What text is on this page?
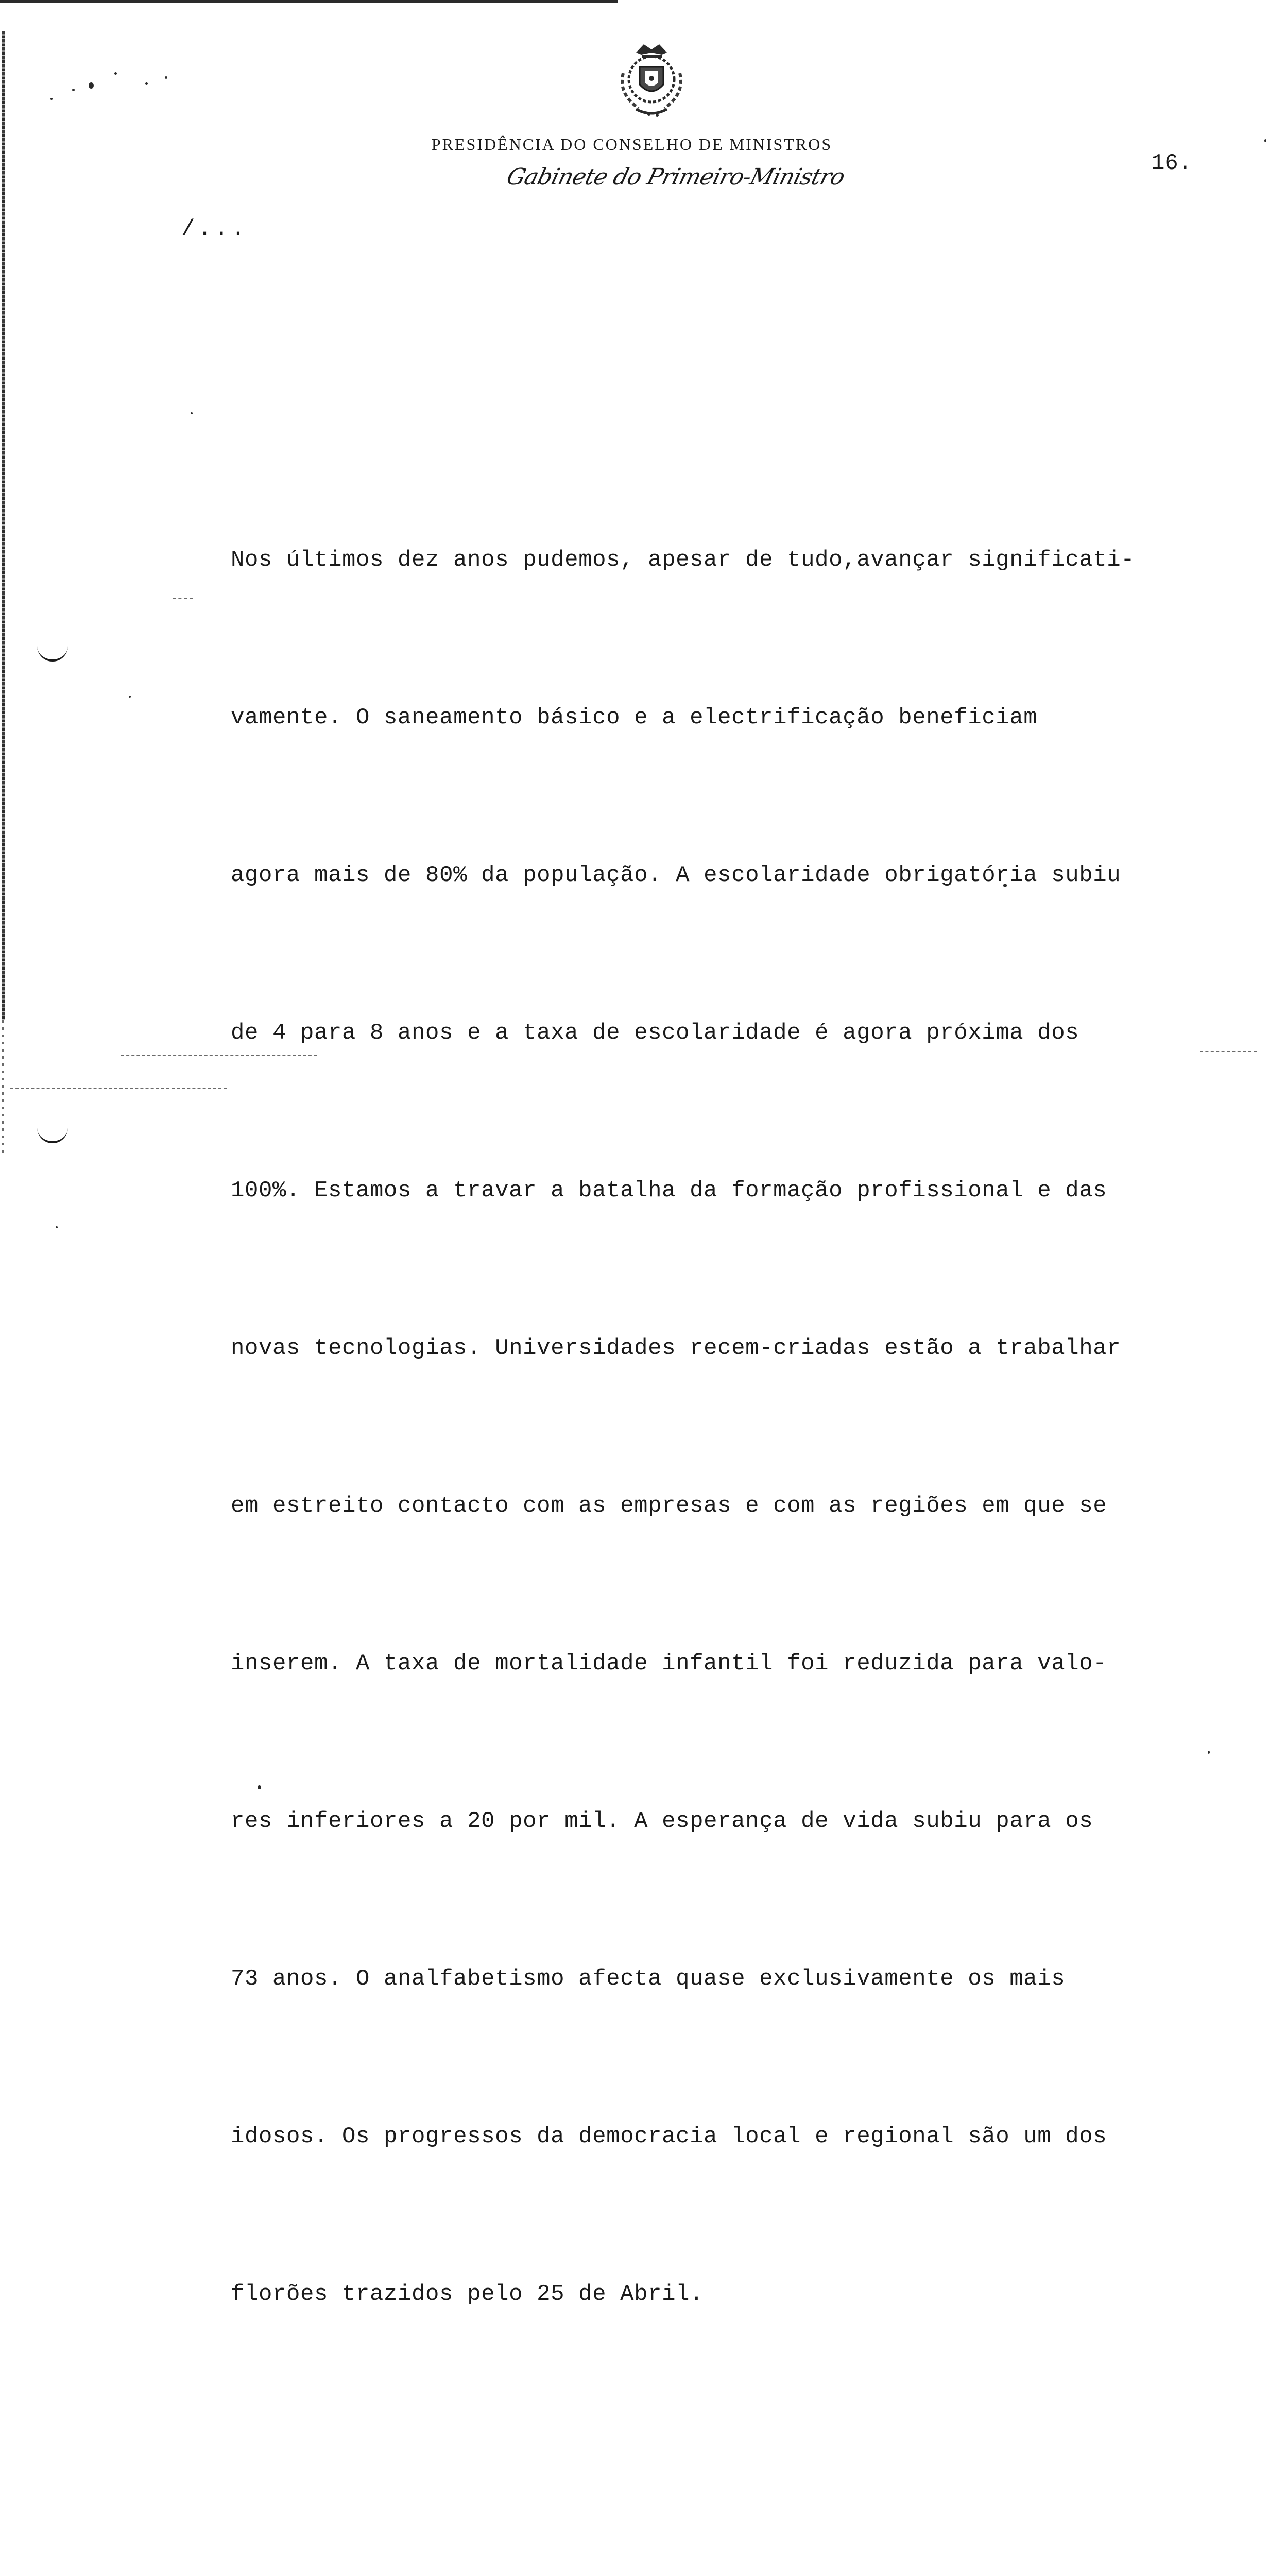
PRESIDÊNCIA DO CONSELHO DE MINISTROS
Gabinete do Primeiro-Ministro
16.
/...

Nos últimos dez anos pudemos, apesar de tudo,avançar significati-

vamente. O saneamento básico e a electrificação beneficiam

agora mais de 80% da população. A escolaridade obrigatória subiu

de 4 para 8 anos e a taxa de escolaridade é agora próxima dos

100%. Estamos a travar a batalha da formação profissional e das

novas tecnologias. Universidades recem-criadas estão a trabalhar

em estreito contacto com as empresas e com as regiões em que se

inserem. A taxa de mortalidade infantil foi reduzida para valo-

res inferiores a 20 por mil. A esperança de vida subiu para os

73 anos. O analfabetismo afecta quase exclusivamente os mais

idosos. Os progressos da democracia local e regional são um dos

florões trazidos pelo 25 de Abril.
